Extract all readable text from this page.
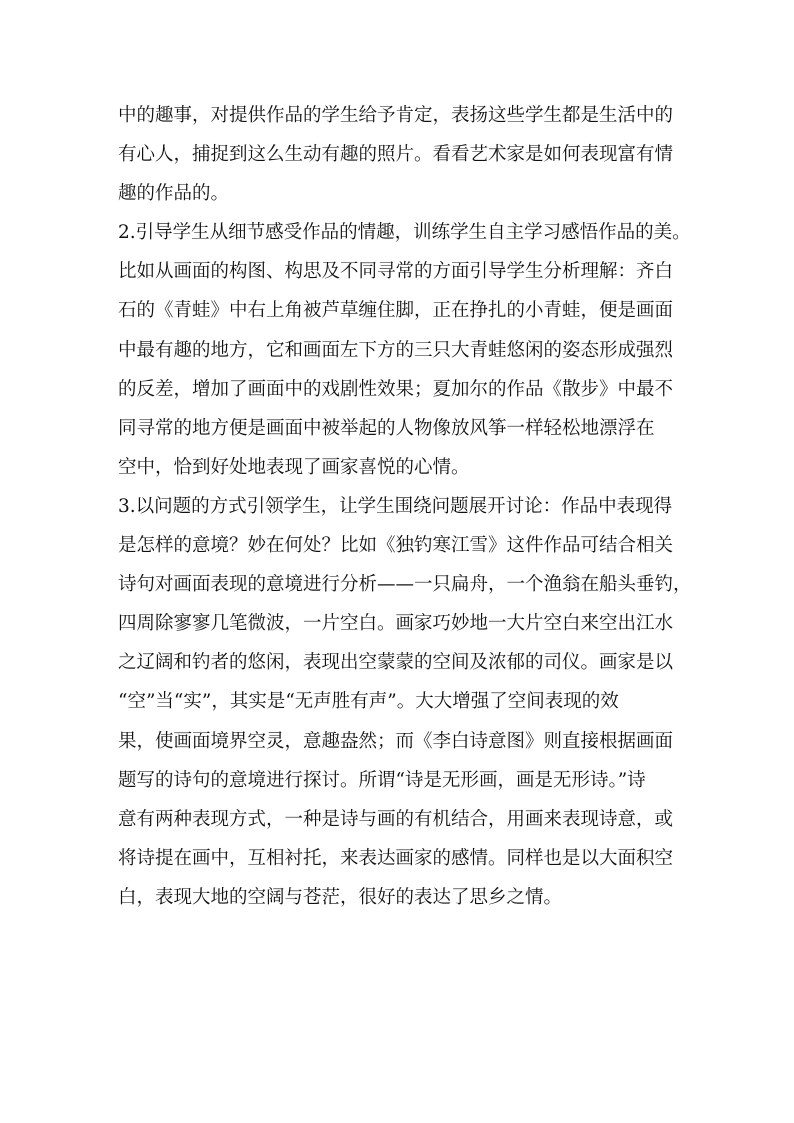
中的趣事，对提供作品的学生给予肯定，表扬这些学生都是生活中的
有心人，捕捉到这么生动有趣的照片。看看艺术家是如何表现富有情
趣的作品的。
2.引导学生从细节感受作品的情趣，训练学生自主学习感悟作品的美。
比如从画面的构图、构思及不同寻常的方面引导学生分析理解：齐白
石的《青蛙》中右上角被芦草缠住脚，正在挣扎的小青蛙，便是画面
中最有趣的地方，它和画面左下方的三只大青蛙悠闲的姿态形成强烈
的反差，增加了画面中的戏剧性效果；夏加尔的作品《散步》中最不
同寻常的地方便是画面中被举起的人物像放风筝一样轻松地漂浮在
空中，恰到好处地表现了画家喜悦的心情。
3.以问题的方式引领学生，让学生围绕问题展开讨论：作品中表现得
是怎样的意境？妙在何处？比如《独钓寒江雪》这件作品可结合相关
诗句对画面表现的意境进行分析——一只扁舟，一个渔翁在船头垂钓，
四周除寥寥几笔微波，一片空白。画家巧妙地一大片空白来空出江水
之辽阔和钓者的悠闲，表现出空蒙蒙的空间及浓郁的司仪。画家是以
“空”当“实”，其实是“无声胜有声”。大大增强了空间表现的效
果，使画面境界空灵，意趣盎然；而《李白诗意图》则直接根据画面
题写的诗句的意境进行探讨。所谓“诗是无形画，画是无形诗。”诗
意有两种表现方式，一种是诗与画的有机结合，用画来表现诗意，或
将诗提在画中，互相衬托，来表达画家的感情。同样也是以大面积空
白，表现大地的空阔与苍茫，很好的表达了思乡之情。
